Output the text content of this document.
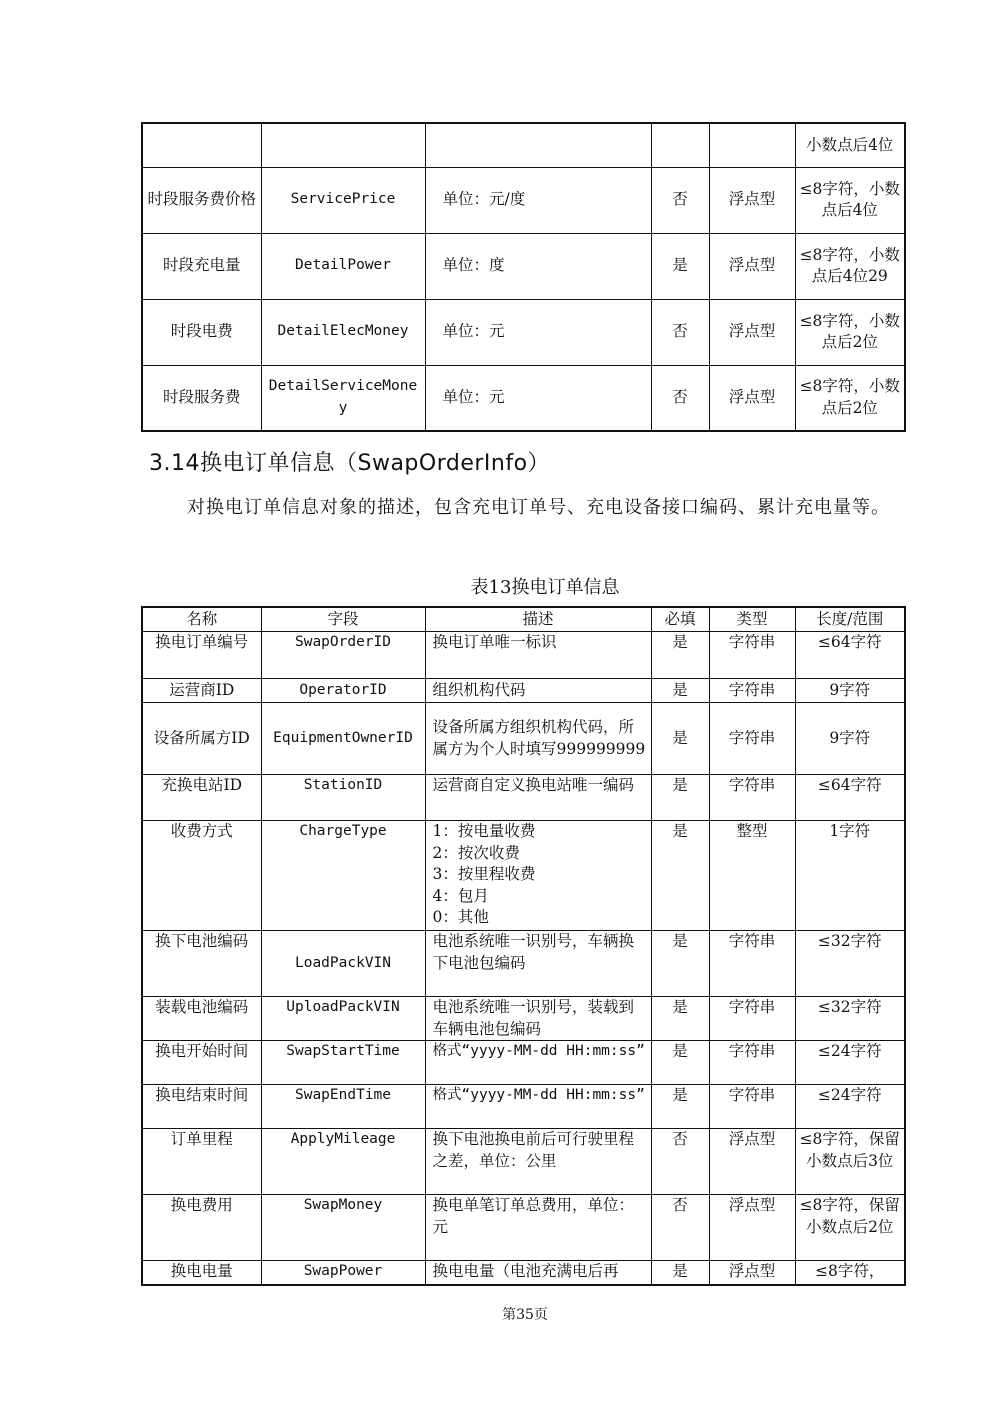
					小数点后4位
时段服务费价格	ServicePrice	单位：元/度	否	浮点型	≤8字符，小数点后4位
时段充电量	DetailPower	单位：度	是	浮点型	≤8字符，小数点后4位29
时段电费	DetailElecMoney	单位：元	否	浮点型	≤8字符，小数点后2位
时段服务费	DetailServiceMoney	单位：元	否	浮点型	≤8字符，小数点后2位
3.14换电订单信息（SwapOrderInfo）

对换电订单信息对象的描述，包含充电订单号、充电设备接口编码、累计充电量等。

表13换电订单信息

名称	字段	描述	必填	类型	长度/范围
换电订单编号	SwapOrderID	换电订单唯一标识	是	字符串	≤64字符
运营商ID	OperatorID	组织机构代码	是	字符串	9字符
设备所属方ID	EquipmentOwnerID	设备所属方组织机构代码，所属方为个人时填写999999999	是	字符串	9字符
充换电站ID	StationID	运营商自定义换电站唯一编码	是	字符串	≤64字符
收费方式	ChargeType	1：按电量收费
2：按次收费
3：按里程收费
4：包月
0：其他	是	整型	1字符
换下电池编码	LoadPackVIN	电池系统唯一识别号，车辆换下电池包编码	是	字符串	≤32字符
装载电池编码	UploadPackVIN	电池系统唯一识别号，装载到车辆电池包编码	是	字符串	≤32字符
换电开始时间	SwapStartTime	格式“yyyy-MM-dd HH:mm:ss”	是	字符串	≤24字符
换电结束时间	SwapEndTime	格式“yyyy-MM-dd HH:mm:ss”	是	字符串	≤24字符
订单里程	ApplyMileage	换下电池换电前后可行驶里程之差，单位：公里	否	浮点型	≤8字符，保留小数点后3位
换电费用	SwapMoney	换电单笔订单总费用，单位：元	否	浮点型	≤8字符，保留小数点后2位
换电电量	SwapPower	换电电量（电池充满电后再	是	浮点型	≤8字符，

第35页
